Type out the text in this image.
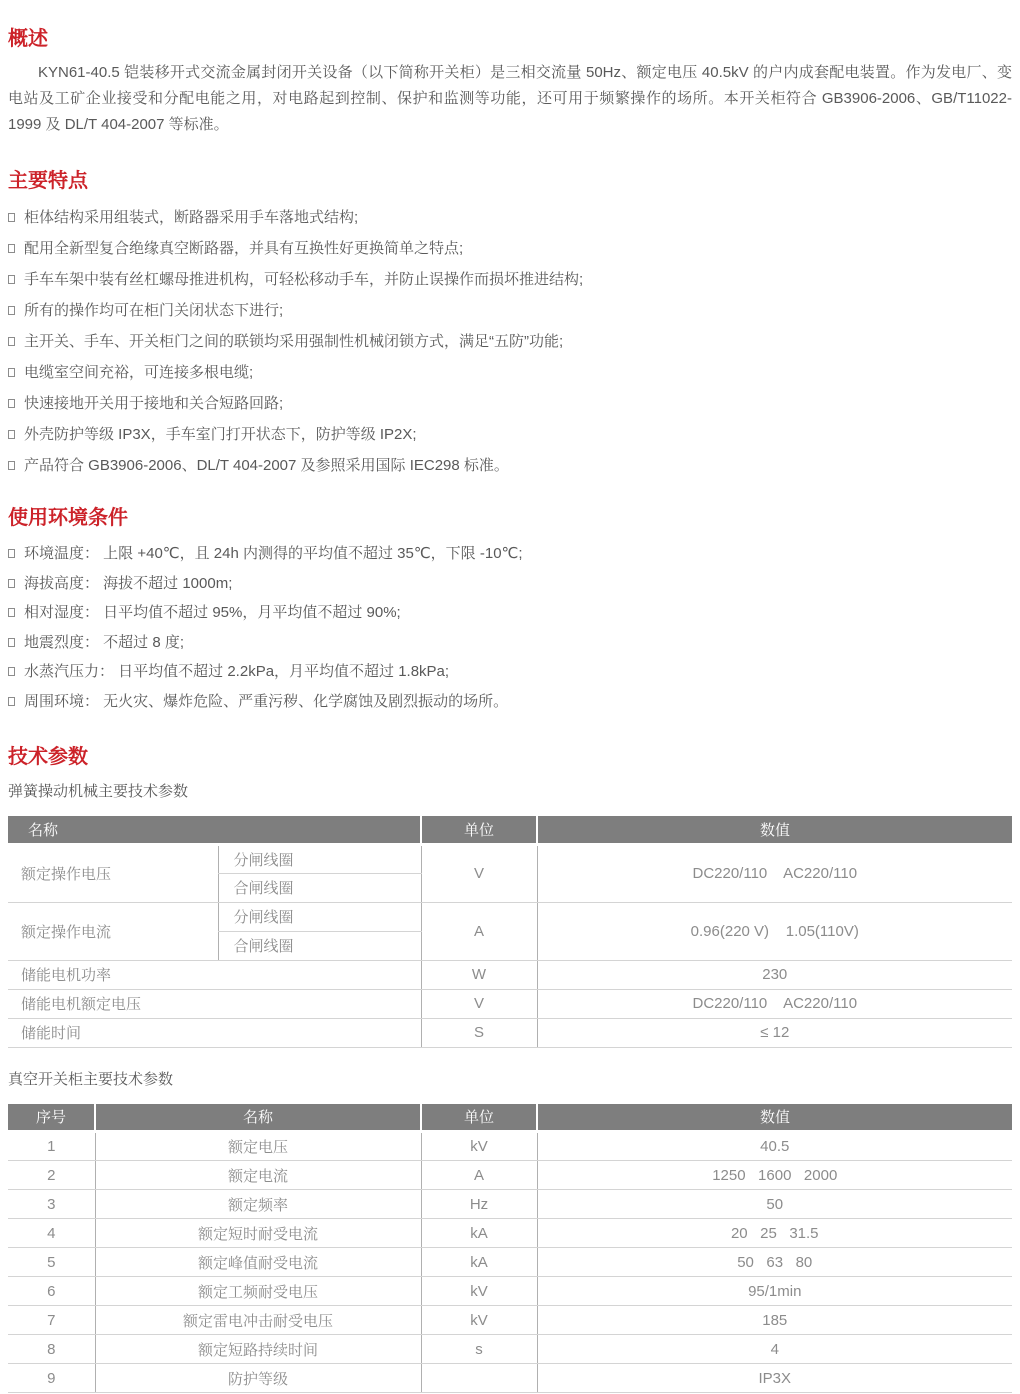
概述

KYN61-40.5 铠装移开式交流金属封闭开关设备（以下简称开关柜）是三相交流量 50Hz、额定电压 40.5kV 的户内成套配电装置。作为发电厂、变电站及工矿企业接受和分配电能之用，对电路起到控制、保护和监测等功能，还可用于频繁操作的场所。本开关柜符合 GB3906-2006、GB/T11022-1999 及 DL/T 404-2007 等标准。

主要特点
柜体结构采用组装式，断路器采用手车落地式结构;
配用全新型复合绝缘真空断路器，并具有互换性好更换简单之特点;
手车车架中装有丝杠螺母推进机构，可轻松移动手车，并防止误操作而损坏推进结构;
所有的操作均可在柜门关闭状态下进行;
主开关、手车、开关柜门之间的联锁均采用强制性机械闭锁方式，满足“五防”功能;
电缆室空间充裕，可连接多根电缆;
快速接地开关用于接地和关合短路回路;
外壳防护等级 IP3X，手车室门打开状态下，防护等级 IP2X;
产品符合 GB3906-2006、DL/T 404-2007 及参照采用国际 IEC298 标准。
使用环境条件
环境温度： 上限 +40℃，且 24h 内测得的平均值不超过 35℃，下限 -10℃;
海拔高度： 海拔不超过 1000m;
相对湿度： 日平均值不超过 95%，月平均值不超过 90%;
地震烈度： 不超过 8 度;
水蒸汽压力： 日平均值不超过 2.2kPa，月平均值不超过 1.8kPa;
周围环境： 无火灾、爆炸危险、严重污秽、化学腐蚀及剧烈振动的场所。
技术参数

弹簧操动机械主要技术参数

名称		单位	数值
额定操作电压	分闸线圈	V	DC220/110    AC220/110
	合闸线圈		
额定操作电流	分闸线圈	A	0.96(220 V)    1.05(110V)
	合闸线圈		
储能电机功率		W	230
储能电机额定电压		V	DC220/110    AC220/110
储能时间		S	≤ 12

真空开关柜主要技术参数

序号	名称	单位	数值
1	额定电压	kV	40.5
2	额定电流	A	1250   1600   2000
3	额定频率	Hz	50
4	额定短时耐受电流	kA	20   25   31.5
5	额定峰值耐受电流	kA	50   63   80
6	额定工频耐受电压	kV	95/1min
7	额定雷电冲击耐受电压	kV	185
8	额定短路持续时间	s	4
9	防护等级		IP3X
